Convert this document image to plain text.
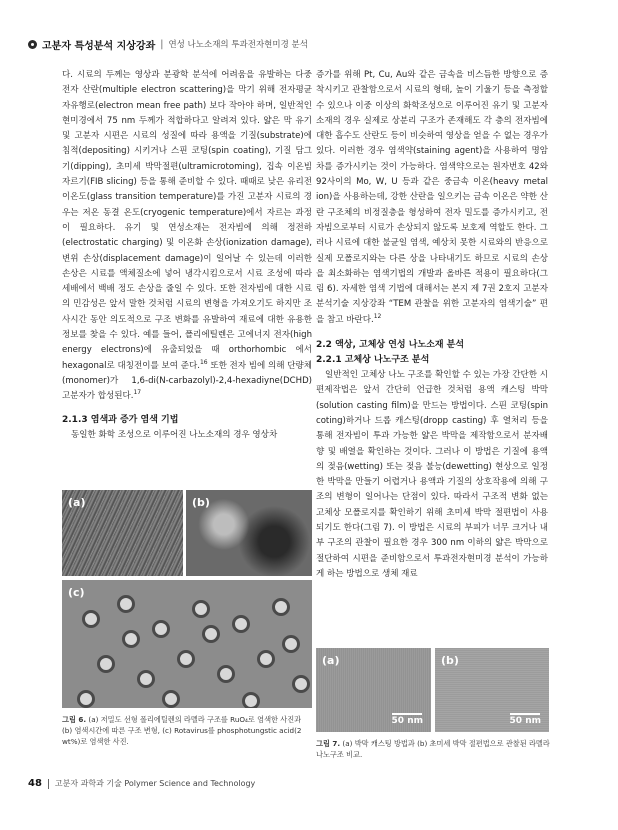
고분자 특성분석 지상강좌 | 연성 나노소재의 투과전자현미경 분석

다. 시료의 두께는 영상과 분광학 분석에 어려움을 유발하는 다중 전자 산란(multiple electron scattering)을 막기 위해 전자평균 자유행로(electron mean free path) 보다 작아야 하며, 일반적인 현미경에서 75 nm 두께가 적합하다고 알려져 있다. 얇은 막 유기 및 고분자 시편은 시료의 성질에 따라 용액을 기질(substrate)에 침적(depositing) 시키거나 스핀 코팅(spin coating), 기질 담그기(dipping), 초미세 박막절편(ultramicrotoming), 집속 이온빔 자르기(FIB slicing) 등을 통해 준비할 수 있다. 때때로 낮은 유리전이온도(glass transition temperature)를 가진 고분자 시료의 경우는 저온 동결 온도(cryogenic temperature)에서 자르는 과정이 필요하다. 유기 및 연성소재는 전자빔에 의해 정전하(electrostatic charging) 및 이온화 손상(ionization damage), 변위 손상(displacement damage)이 일어날 수 있는데 이러한 손상은 시료를 액체질소에 넣어 냉각시킴으로서 시료 조성에 따라 세배에서 백배 정도 손상을 줄일 수 있다. 또한 전자빔에 대한 시료의 민감성은 앞서 말한 것처럼 시료의 변형을 가져오기도 하지만 조사시간 동안 의도적으로 구조 변화를 유발하여 재료에 대한 유용한 정보를 찾을 수 있다. 예를 들어, 폴리에틸렌은 고에너지 전자(high energy electrons)에 유출되었을 때 orthorhombic 에서 hexagonal로 대칭전이를 보여 준다.$^{16}$ 또한 전자 빔에 의해 단량체(monomer)가 1,6-di(N-carbazolyl)-2,4-hexadiyne(DCHD) 고분자가 합성된다.$^{17}$

2.1.3 염색과 증가 염색 기법

동일한 화학 조성으로 이루어진 나노소재의 경우 영상차

증가를 위해 Pt, Cu, Au와 같은 금속을 비스듬한 방향으로 증착시키고 관찰함으로서 시료의 형태, 높이 기울기 등을 측정할 수 있으나 이중 이상의 화학조성으로 이루어진 유기 및 고분자 소재의 경우 실제로 상분리 구조가 존재해도 각 층의 전자빔에 대한 흡수도 산란도 등이 비슷하여 영상을 얻을 수 없는 경우가 있다. 이러한 경우 염색약(staining agent)을 사용하여 명암차를 증가시키는 것이 가능하다. 염색약으로는 원자번호 42와 92사이의 Mo, W, U 등과 같은 중금속 이온(heavy metal ion)을 사용하는데, 강한 산란을 일으키는 금속 이온은 약한 산란 구조체의 비정질층을 형성하여 전자 밀도를 증가시키고, 전자빔으로부터 시료가 손상되지 않도록 보호제 역할도 한다. 그러나 시료에 대한 불균일 염색, 예상치 못한 시료와의 반응으로 실제 모폴로지와는 다른 상을 나타내기도 하므로 시료의 손상을 최소화하는 염색기법의 개발과 올바른 적용이 필요하다(그림 6). 자세한 염색 기법에 대해서는 본지 제 7권 2호지 고분자 분석기술 지상강좌 “TEM 관찰을 위한 고분자의 염색기술” 편을 참고 바란다.$^{12}$

2.2 액상, 고체상 연성 나노소재 분석
2.2.1 고체상 나노구조 분석

일반적인 고체상 나노 구조를 확인할 수 있는 가장 간단한 시편제작법은 앞서 간단히 언급한 것처럼 용액 캐스팅 박막(solution casting film)을 만드는 방법이다. 스핀 코팅(spin coting)하거나 드롭 캐스팅(dropp casting) 후 열처리 등을 통해 전자빔이 투과 가능한 얇은 박막을 제작함으로서 분자배향 및 배열을 확인하는 것이다. 그러나 이 방법은 기질에 용액의 젖음(wetting) 또는 젖음 불능(dewetting) 현상으로 일정한 박막을 만들기 어렵거나 용액과 기질의 상호작용에 의해 구조의 변형이 일어나는 단점이 있다. 따라서 구조적 변화 없는 고체상 모폴로지를 확인하기 위해 초미세 박막 절편법이 사용되기도 한다(그림 7). 이 방법은 시료의 부피가 너무 크거나 내부 구조의 관찰이 필요한 경우 300 nm 이하의 얇은 박막으로 절단하여 시편을 준비함으로서 투과전자현미경 분석이 가능하게 하는 방법으로 생체 재료

(a)	(b)
(c)
그림 6. (a) 저밀도 선형 폴리에틸렌의 라멜라 구조를 RuO₄로 염색한 사진과 (b) 염색시간에 따른 구조 변형, (c) Rotavirus를 phosphotungstic acid(2 wt%)로 염색한 사진.
(a)
50 nm
(b)
50 nm
그림 7. (a) 박막 캐스팅 방법과 (b) 초미세 박막 절편법으로 관찰된 라멜라 나노구조 비교.
48 고분자 과학과 기술 Polymer Science and Technology
